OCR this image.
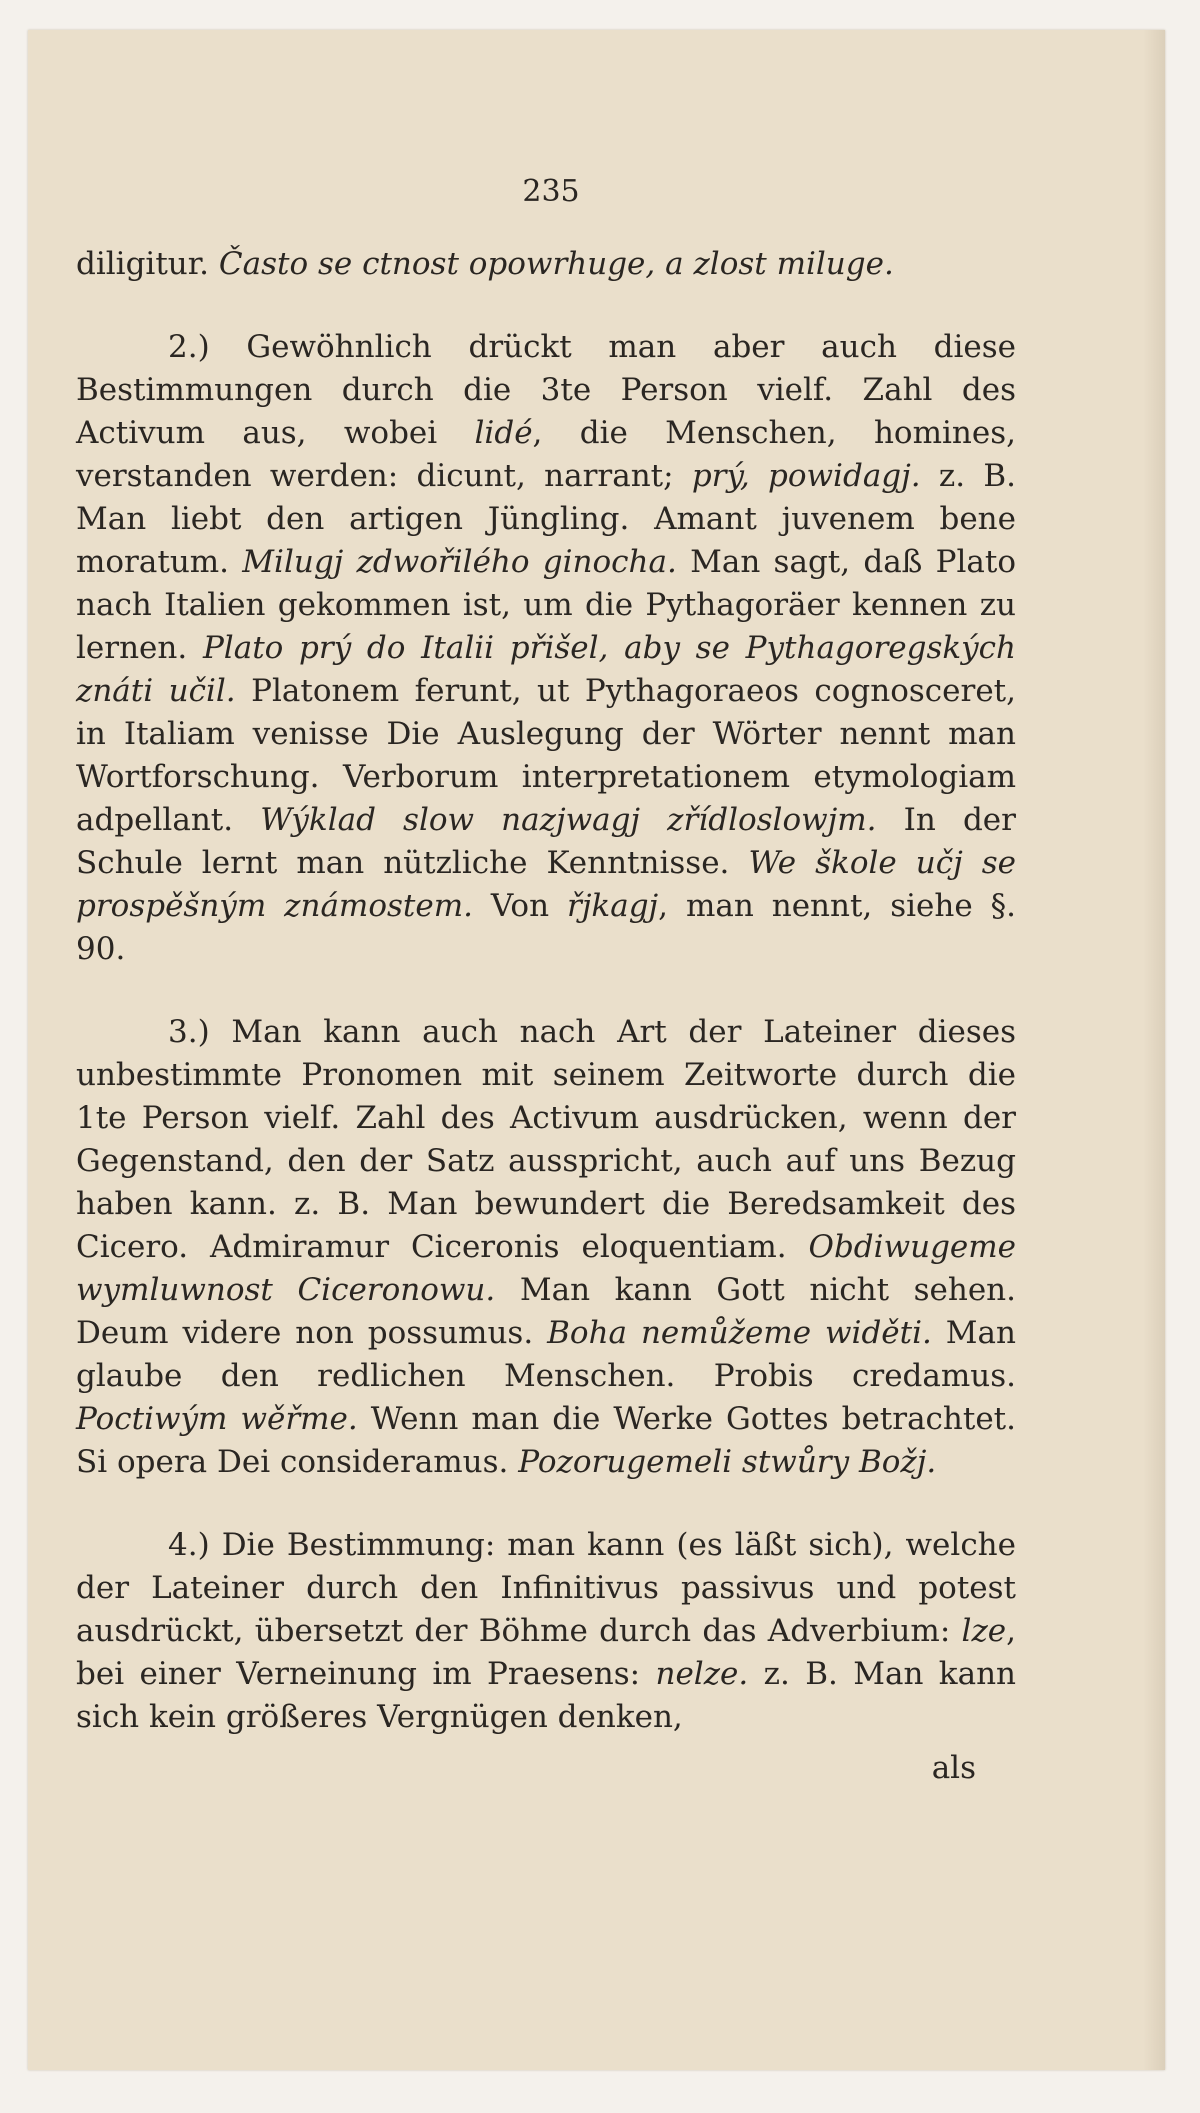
235

diligitur. Často se ctnost opowrhuge, a zlost miluge.

2.) Gewöhnlich drückt man aber auch diese Bestimmungen durch die 3te Person vielf. Zahl des Activum aus, wobei lidé, die Menschen, homines, verstanden werden: dicunt, narrant; prý, powidagj. z. B. Man liebt den artigen Jüngling. Amant juvenem bene moratum. Milugj zdwořilého ginocha. Man sagt, daß Plato nach Italien gekommen ist, um die Pythagoräer kennen zu lernen. Plato prý do Italii přišel, aby se Pythagoregských znáti učil. Platonem ferunt, ut Pythagoraeos cognosceret, in Italiam venisse Die Auslegung der Wörter nennt man Wortforschung. Verborum interpretationem etymologiam adpellant. Wýklad slow nazjwagj zřídloslowjm. In der Schule lernt man nützliche Kenntnisse. We škole učj se prospěšným známostem. Von řjkagj, man nennt, siehe §. 90.

3.) Man kann auch nach Art der Lateiner dieses unbestimmte Pronomen mit seinem Zeitworte durch die 1te Person vielf. Zahl des Activum ausdrücken, wenn der Gegenstand, den der Satz ausspricht, auch auf uns Bezug haben kann. z. B. Man bewundert die Beredsamkeit des Cicero. Admiramur Ciceronis eloquentiam. Obdiwugeme wymluwnost Ciceronowu. Man kann Gott nicht sehen. Deum videre non possumus. Boha nemůžeme widěti. Man glaube den redlichen Menschen. Probis credamus. Poctiwým wěřme. Wenn man die Werke Gottes betrachtet. Si opera Dei consideramus. Pozorugemeli stwůry Božj.

4.) Die Bestimmung: man kann (es läßt sich), welche der Lateiner durch den Infinitivus passivus und potest ausdrückt, übersetzt der Böhme durch das Adverbium: lze, bei einer Verneinung im Praesens: nelze. z. B. Man kann sich kein größeres Vergnügen denken,

als
